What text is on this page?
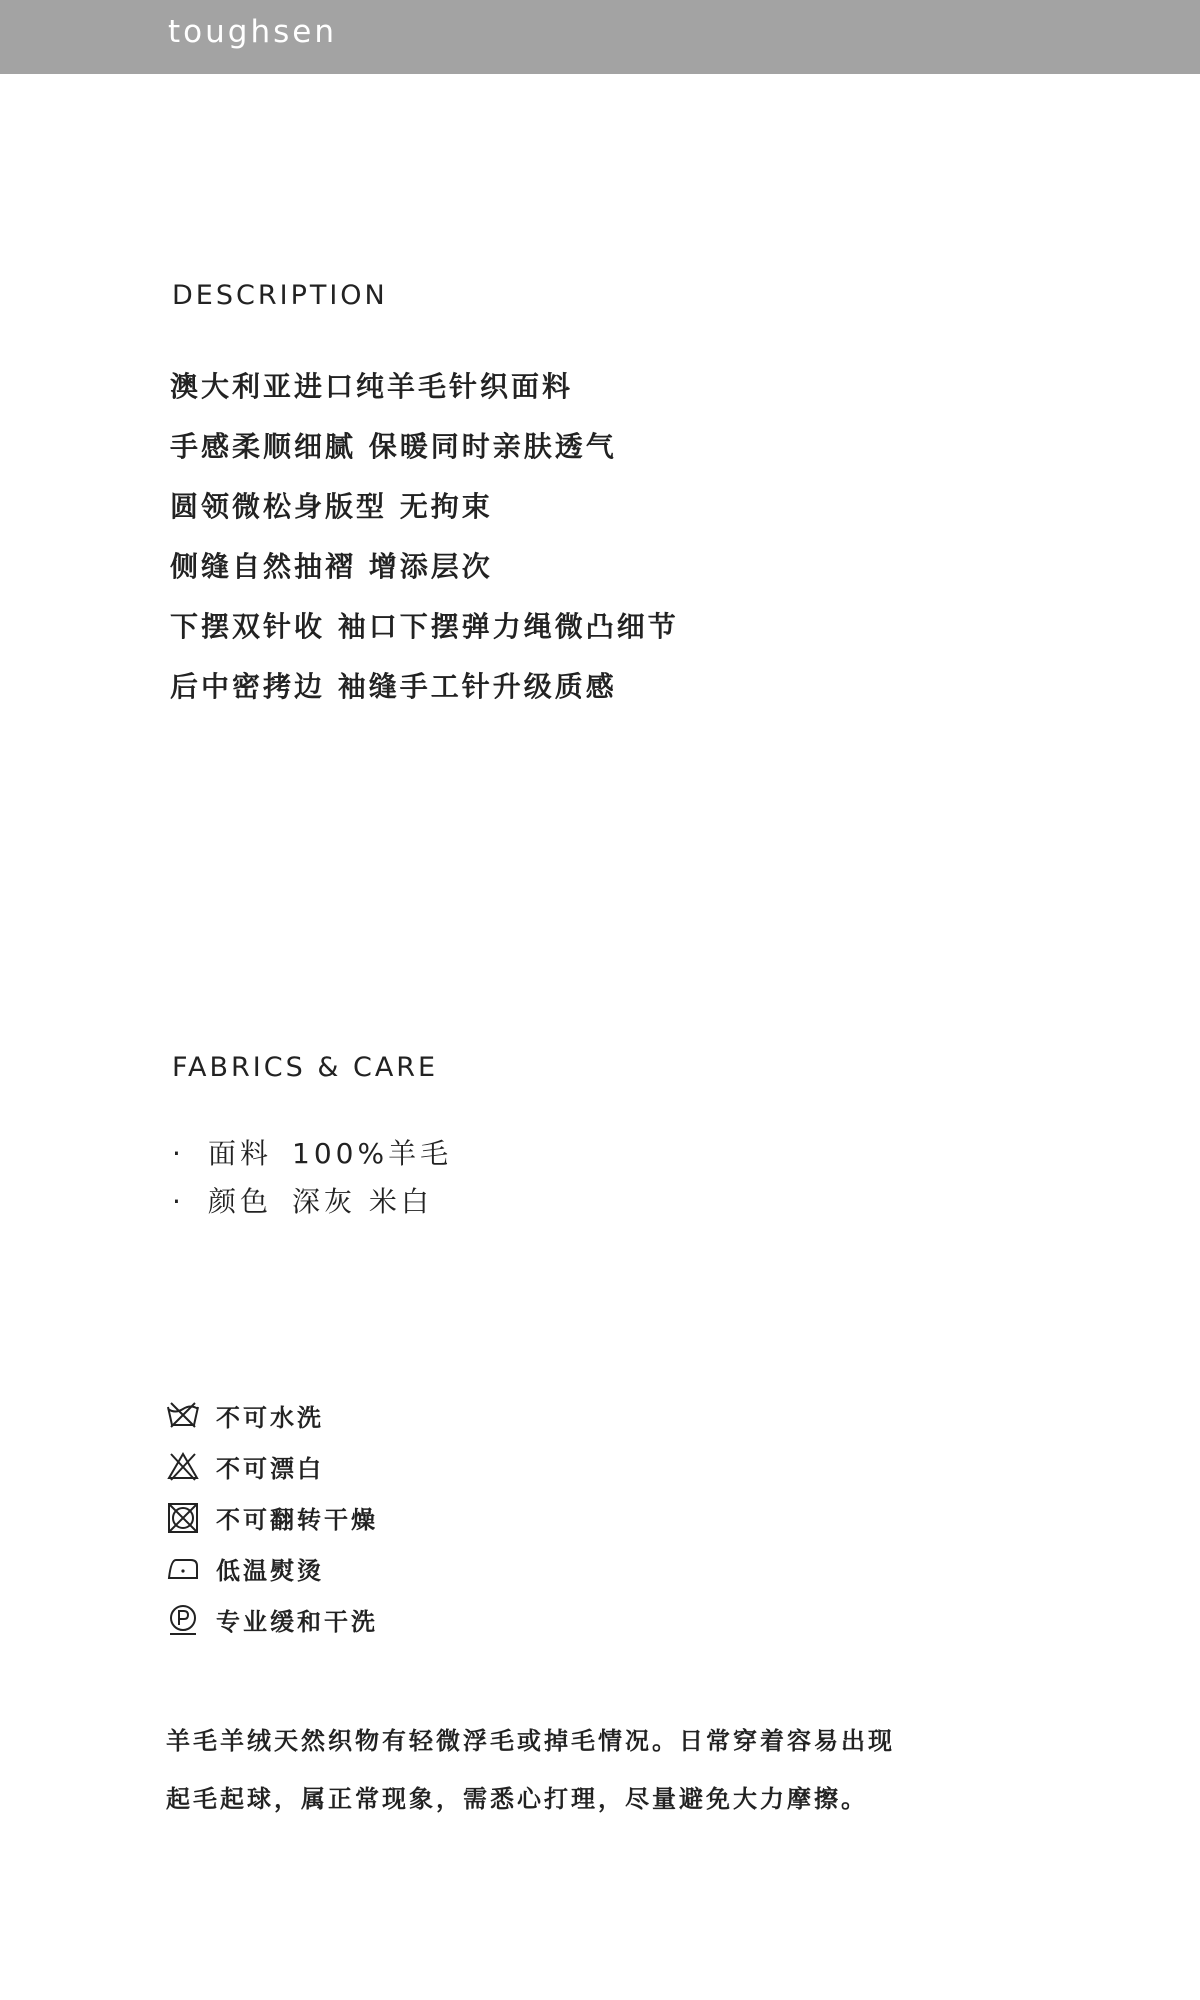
toughsen
DESCRIPTION
澳大利亚进口纯羊毛针织面料
手感柔顺细腻 保暖同时亲肤透气
圆领微松身版型 无拘束
侧缝自然抽褶 增添层次
下摆双针收 袖口下摆弹力绳微凸细节
后中密拷边 袖缝手工针升级质感
FABRICS & CARE
· 面料 100%羊毛
· 颜色 深灰 米白
不可水洗
不可漂白
不可翻转干燥
低温熨烫
专业缓和干洗
羊毛羊绒天然织物有轻微浮毛或掉毛情况。日常穿着容易出现
起毛起球，属正常现象，需悉心打理，尽量避免大力摩擦。
